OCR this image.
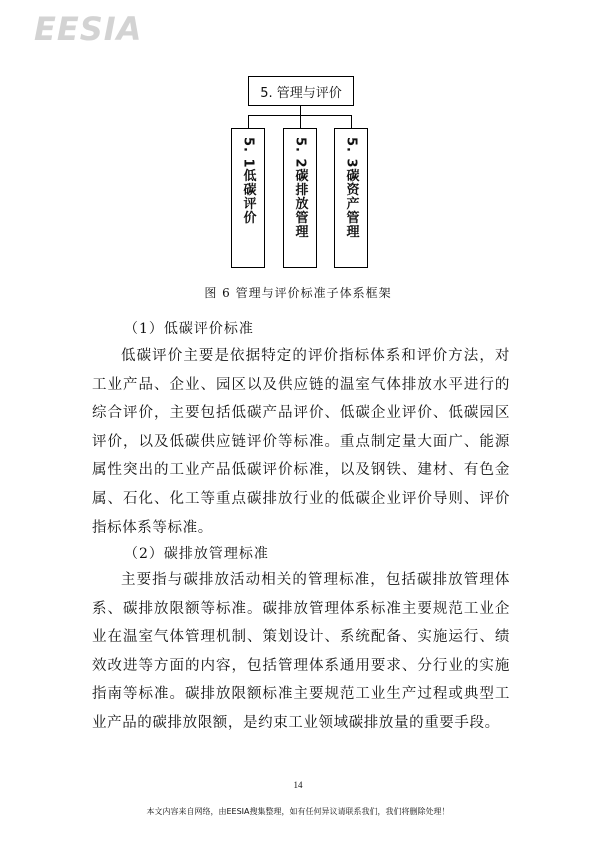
EESIA
5. 管理与评价
5. 1低碳评价	5. 2碳排放管理	5. 3碳资产管理
图 6 管理与评价标准子体系框架
（1）低碳评价标准

低碳评价主要是依据特定的评价指标体系和评价方法，对工业产品、企业、园区以及供应链的温室气体排放水平进行的综合评价，主要包括低碳产品评价、低碳企业评价、低碳园区评价，以及低碳供应链评价等标准。重点制定量大面广、能源属性突出的工业产品低碳评价标准，以及钢铁、建材、有色金属、石化、化工等重点碳排放行业的低碳企业评价导则、评价指标体系等标准。

（2）碳排放管理标准

主要指与碳排放活动相关的管理标准，包括碳排放管理体系、碳排放限额等标准。碳排放管理体系标准主要规范工业企业在温室气体管理机制、策划设计、系统配备、实施运行、绩效改进等方面的内容，包括管理体系通用要求、分行业的实施指南等标准。碳排放限额标准主要规范工业生产过程或典型工业产品的碳排放限额，是约束工业领域碳排放量的重要手段。

14
本文内容来自网络，由EESIA搜集整理，如有任何异议请联系我们，我们将删除处理！
